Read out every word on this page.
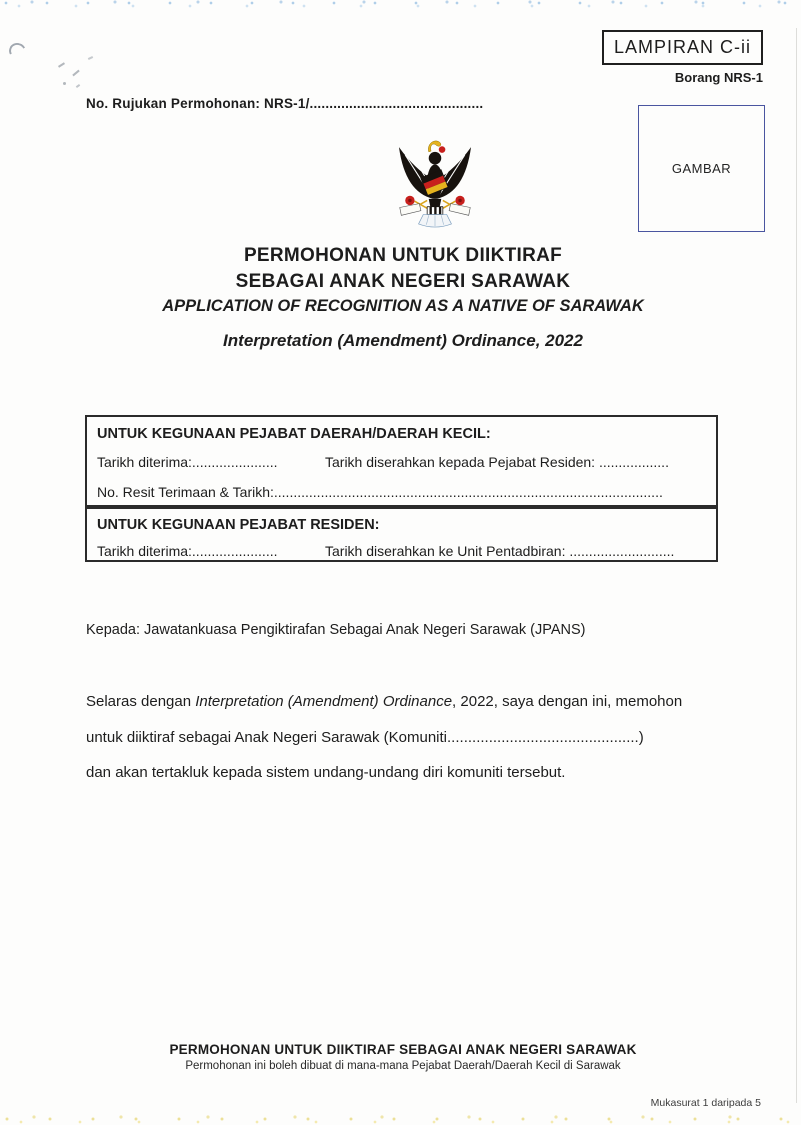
LAMPIRAN C-ii
Borang NRS-1
No. Rujukan Permohonan: NRS-1/............................................
GAMBAR
PERMOHONAN UNTUK DIIKTIRAF
SEBAGAI ANAK NEGERI SARAWAK
APPLICATION OF RECOGNITION AS A NATIVE OF SARAWAK
Interpretation (Amendment) Ordinance, 2022
UNTUK KEGUNAAN PEJABAT DAERAH/DAERAH KECIL:
Tarikh diterima:......................	Tarikh diserahkan kepada Pejabat Residen: ..................
No. Resit Terimaan & Tarikh:....................................................................................................
UNTUK KEGUNAAN PEJABAT RESIDEN:
Tarikh diterima:......................	Tarikh diserahkan ke Unit Pentadbiran: ...........................
Kepada: Jawatankuasa Pengiktirafan Sebagai Anak Negeri Sarawak (JPANS)
Selaras dengan Interpretation (Amendment) Ordinance, 2022, saya dengan ini, memohon
untuk diiktiraf sebagai Anak Negeri Sarawak (Komuniti..............................................)
dan akan tertakluk kepada sistem undang-undang diri komuniti tersebut.
PERMOHONAN UNTUK DIIKTIRAF SEBAGAI ANAK NEGERI SARAWAK
Permohonan ini boleh dibuat di mana-mana Pejabat Daerah/Daerah Kecil di Sarawak
Mukasurat 1 daripada 5
